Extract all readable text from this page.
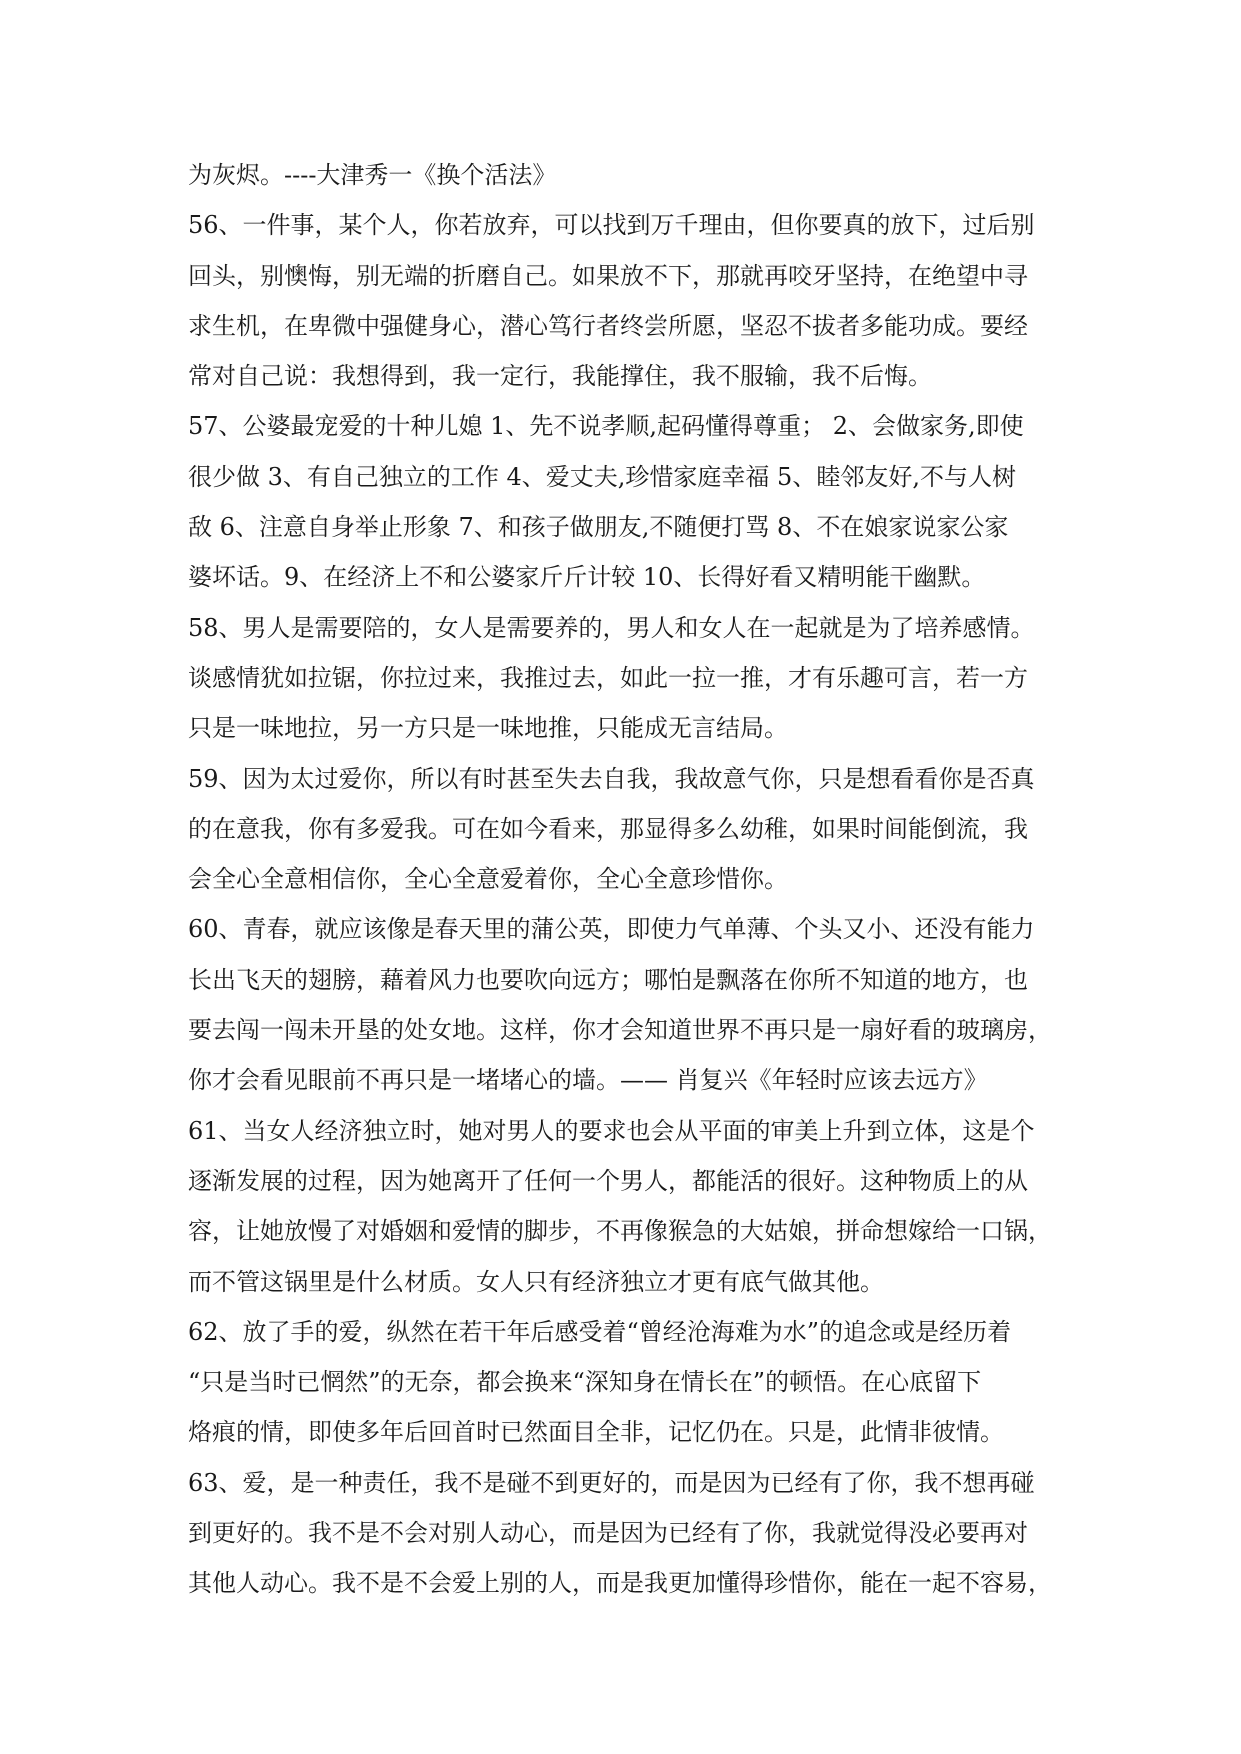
为灰烬。----大津秀一《换个活法》
56、一件事，某个人，你若放弃，可以找到万千理由，但你要真的放下，过后别
回头，别懊悔，别无端的折磨自己。如果放不下，那就再咬牙坚持，在绝望中寻
求生机，在卑微中强健身心，潜心笃行者终尝所愿，坚忍不拔者多能功成。要经
常对自己说：我想得到，我一定行，我能撑住，我不服输，我不后悔。
57、公婆最宠爱的十种儿媳 1、先不说孝顺,起码懂得尊重； 2、会做家务,即使
很少做 3、有自己独立的工作 4、爱丈夫,珍惜家庭幸福 5、睦邻友好,不与人树
敌 6、注意自身举止形象 7、和孩子做朋友,不随便打骂 8、不在娘家说家公家
婆坏话。9、在经济上不和公婆家斤斤计较 10、长得好看又精明能干幽默。
58、男人是需要陪的，女人是需要养的，男人和女人在一起就是为了培养感情。
谈感情犹如拉锯，你拉过来，我推过去，如此一拉一推，才有乐趣可言，若一方
只是一味地拉，另一方只是一味地推，只能成无言结局。
59、因为太过爱你，所以有时甚至失去自我，我故意气你，只是想看看你是否真
的在意我，你有多爱我。可在如今看来，那显得多么幼稚，如果时间能倒流，我
会全心全意相信你，全心全意爱着你，全心全意珍惜你。
60、青春，就应该像是春天里的蒲公英，即使力气单薄、个头又小、还没有能力
长出飞天的翅膀，藉着风力也要吹向远方；哪怕是飘落在你所不知道的地方，也
要去闯一闯未开垦的处女地。这样，你才会知道世界不再只是一扇好看的玻璃房，
你才会看见眼前不再只是一堵堵心的墙。—— 肖复兴《年轻时应该去远方》
61、当女人经济独立时，她对男人的要求也会从平面的审美上升到立体，这是个
逐渐发展的过程，因为她离开了任何一个男人，都能活的很好。这种物质上的从
容，让她放慢了对婚姻和爱情的脚步，不再像猴急的大姑娘，拼命想嫁给一口锅，
而不管这锅里是什么材质。女人只有经济独立才更有底气做其他。
62、放了手的爱，纵然在若干年后感受着“曾经沧海难为水”的追念或是经历着
“只是当时已惘然”的无奈，都会换来“深知身在情长在”的顿悟。在心底留下
烙痕的情，即使多年后回首时已然面目全非，记忆仍在。只是，此情非彼情。
63、爱，是一种责任，我不是碰不到更好的，而是因为已经有了你，我不想再碰
到更好的。我不是不会对别人动心，而是因为已经有了你，我就觉得没必要再对
其他人动心。我不是不会爱上别的人，而是我更加懂得珍惜你，能在一起不容易，
